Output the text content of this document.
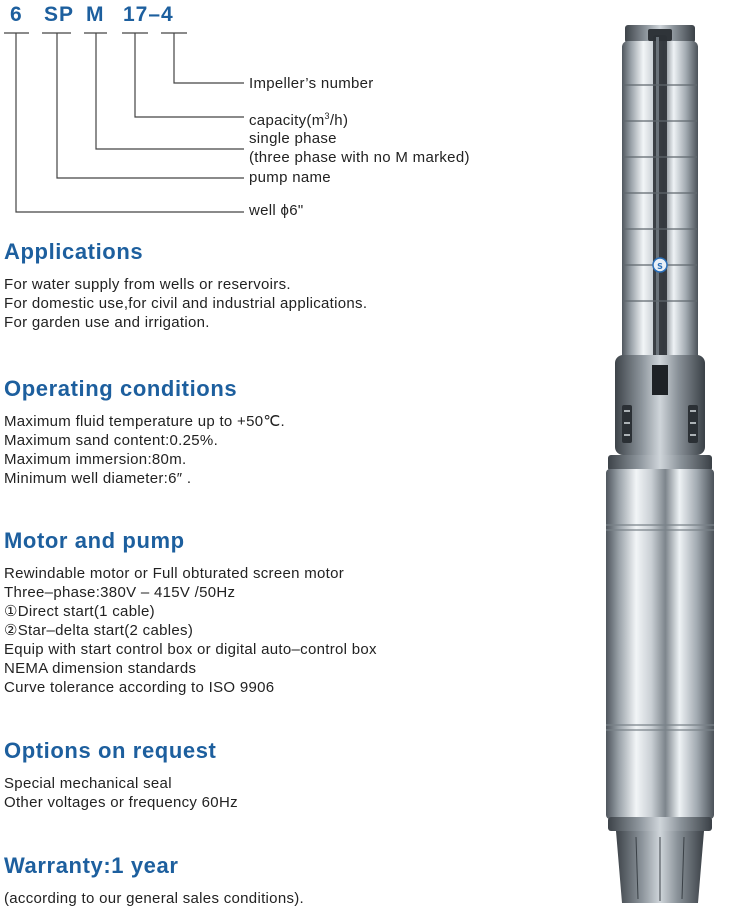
6 SP M 17–4
Impeller’s number
$capacity(m^3/h)$
single phase
(three phase with no M marked)
pump name
well ϕ6"
Applications
For water supply from wells or reservoirs.
For domestic use,for civil and industrial applications.
For garden use and irrigation.
Operating conditions
Maximum fluid temperature up to +50℃.
Maximum sand content:0.25%.
Maximum immersion:80m.
Minimum well diameter:6″ .
Motor and pump
Rewindable motor or Full obturated screen motor
Three–phase:380V – 415V /50Hz
①Direct start(1 cable)
②Star–delta start(2 cables)
Equip with start control box or digital auto–control box
NEMA dimension standards
Curve tolerance according to ISO 9906
Options on request
Special mechanical seal
Other voltages or frequency 60Hz
Warranty:1 year
(according to our general sales conditions).
S
